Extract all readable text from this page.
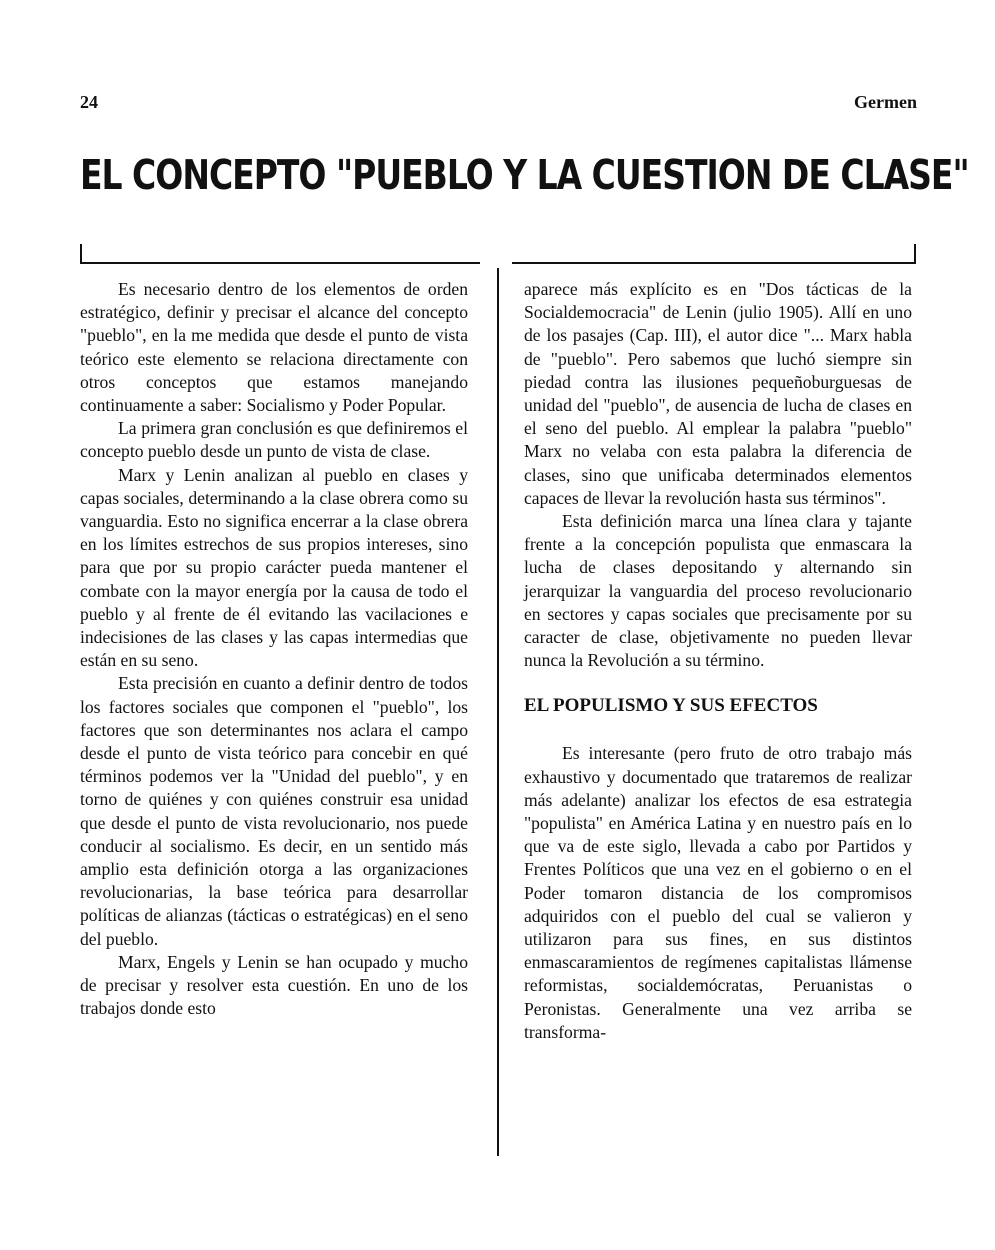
24	Germen
EL CONCEPTO "PUEBLO Y LA CUESTION DE CLASE"

Es necesario dentro de los elementos de orden estratégico, definir y precisar el alcance del concepto "pueblo", en la me medida que desde el punto de vista teórico este elemento se relaciona directamente con otros conceptos que estamos manejando continuamente a saber: Socialismo y Poder Popular.

La primera gran conclusión es que definiremos el concepto pueblo desde un punto de vista de clase.

Marx y Lenin analizan al pueblo en clases y capas sociales, determinando a la clase obrera como su vanguardia. Esto no significa encerrar a la clase obrera en los límites estrechos de sus propios intereses, sino para que por su propio carácter pueda mantener el combate con la mayor energía por la causa de todo el pueblo y al frente de él evitando las vacilaciones e indecisiones de las clases y las capas intermedias que están en su seno.

Esta precisión en cuanto a definir dentro de todos los factores sociales que componen el "pueblo", los factores que son determinantes nos aclara el campo desde el punto de vista teórico para concebir en qué términos podemos ver la "Unidad del pueblo", y en torno de quiénes y con quiénes construir esa unidad que desde el punto de vista revolucionario, nos puede conducir al socialismo. Es decir, en un sentido más amplio esta definición otorga a las organizaciones revolucionarias, la base teórica para desarrollar políticas de alianzas (tácticas o estratégicas) en el seno del pueblo.

Marx, Engels y Lenin se han ocupado y mucho de precisar y resolver esta cuestión. En uno de los trabajos donde esto

aparece más explícito es en "Dos tácticas de la Socialdemocracia" de Lenin (julio 1905). Allí en uno de los pasajes (Cap. III), el autor dice "... Marx habla de "pueblo". Pero sabemos que luchó siempre sin piedad contra las ilusiones pequeñoburguesas de unidad del "pueblo", de ausencia de lucha de clases en el seno del pueblo. Al emplear la palabra "pueblo" Marx no velaba con esta palabra la diferencia de clases, sino que unificaba determinados elementos capaces de llevar la revolución hasta sus términos".

Esta definición marca una línea clara y tajante frente a la concepción populista que enmascara la lucha de clases depositando y alternando sin jerarquizar la vanguardia del proceso revolucionario en sectores y capas sociales que precisamente por su caracter de clase, objetivamente no pueden llevar nunca la Revolución a su término.

EL POPULISMO Y SUS EFECTOS

Es interesante (pero fruto de otro trabajo más exhaustivo y documentado que trataremos de realizar más adelante) analizar los efectos de esa estrategia "populista" en América Latina y en nuestro país en lo que va de este siglo, llevada a cabo por Partidos y Frentes Políticos que una vez en el gobierno o en el Poder tomaron distancia de los compromisos adquiridos con el pueblo del cual se valieron y utilizaron para sus fines, en sus distintos enmascaramientos de regímenes capitalistas llámense reformistas, socialdemócratas, Peruanistas o Peronistas. Generalmente una vez arriba se transforma-
